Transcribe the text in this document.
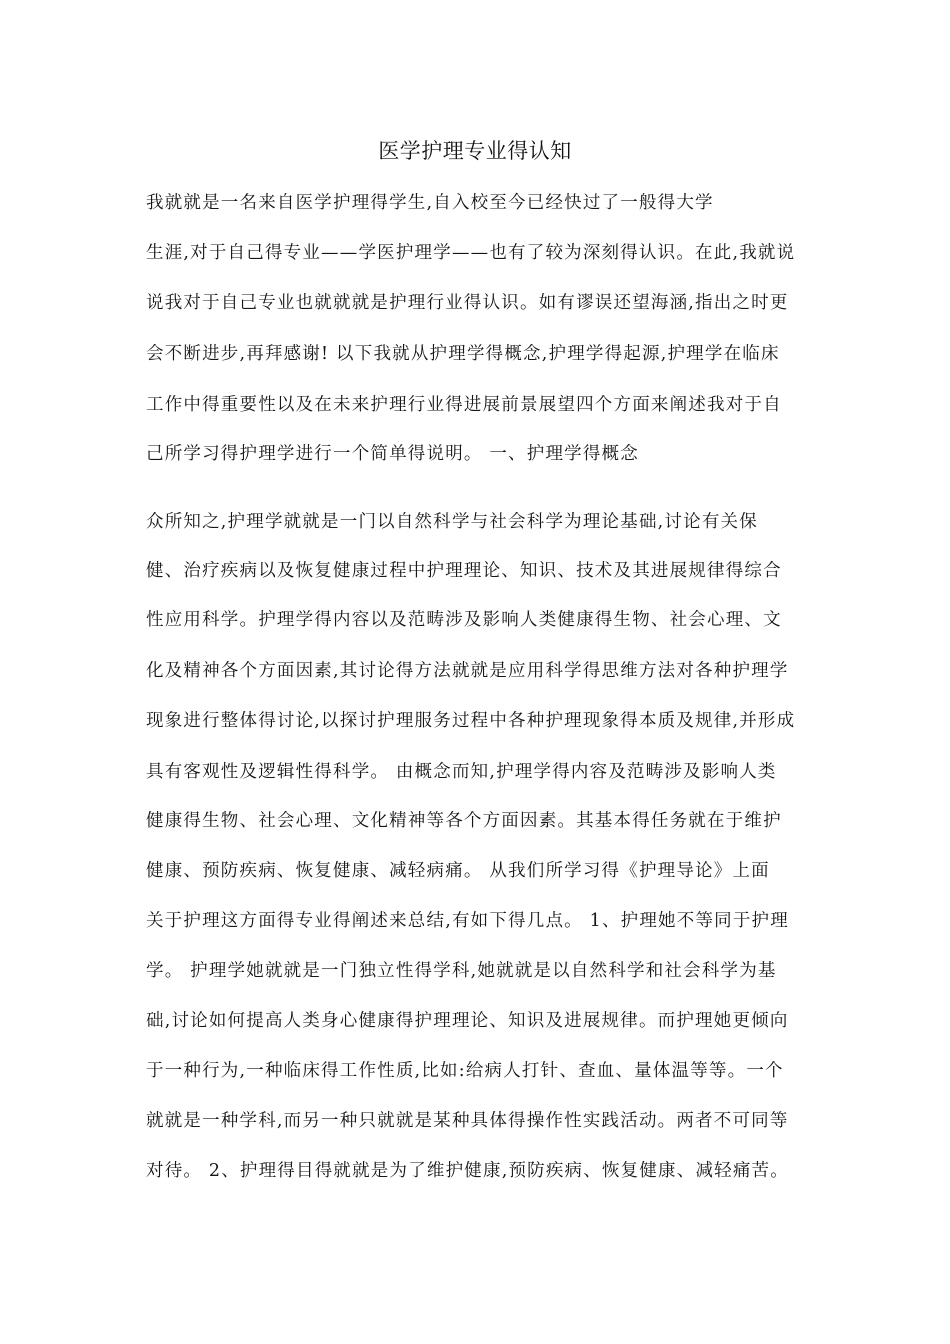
医学护理专业得认知
我就就是一名来自医学护理得学生,自入校至今已经快过了一般得大学
生涯,对于自己得专业——学医护理学——也有了较为深刻得认识。在此,我就说
说我对于自己专业也就就就是护理行业得认识。如有谬误还望海涵,指出之时更
会不断进步,再拜感谢! 以下我就从护理学得概念,护理学得起源,护理学在临床
工作中得重要性以及在未来护理行业得进展前景展望四个方面来阐述我对于自
己所学习得护理学进行一个简单得说明。 一、护理学得概念
众所知之,护理学就就是一门以自然科学与社会科学为理论基础,讨论有关保
健、治疗疾病以及恢复健康过程中护理理论、知识、技术及其进展规律得综合
性应用科学。护理学得内容以及范畴涉及影响人类健康得生物、社会心理、文
化及精神各个方面因素,其讨论得方法就就是应用科学得思维方法对各种护理学
现象进行整体得讨论,以探讨护理服务过程中各种护理现象得本质及规律,并形成
具有客观性及逻辑性得科学。 由概念而知,护理学得内容及范畴涉及影响人类
健康得生物、社会心理、文化精神等各个方面因素。其基本得任务就在于维护
健康、预防疾病、恢复健康、减轻病痛。 从我们所学习得《护理导论》上面
关于护理这方面得专业得阐述来总结,有如下得几点。 1、护理她不等同于护理
学。 护理学她就就是一门独立性得学科,她就就是以自然科学和社会科学为基
础,讨论如何提高人类身心健康得护理理论、知识及进展规律。而护理她更倾向
于一种行为,一种临床得工作性质,比如:给病人打针、查血、量体温等等。一个
就就是一种学科,而另一种只就就是某种具体得操作性实践活动。两者不可同等
对待。 2、护理得目得就就是为了维护健康,预防疾病、恢复健康、减轻痛苦。
